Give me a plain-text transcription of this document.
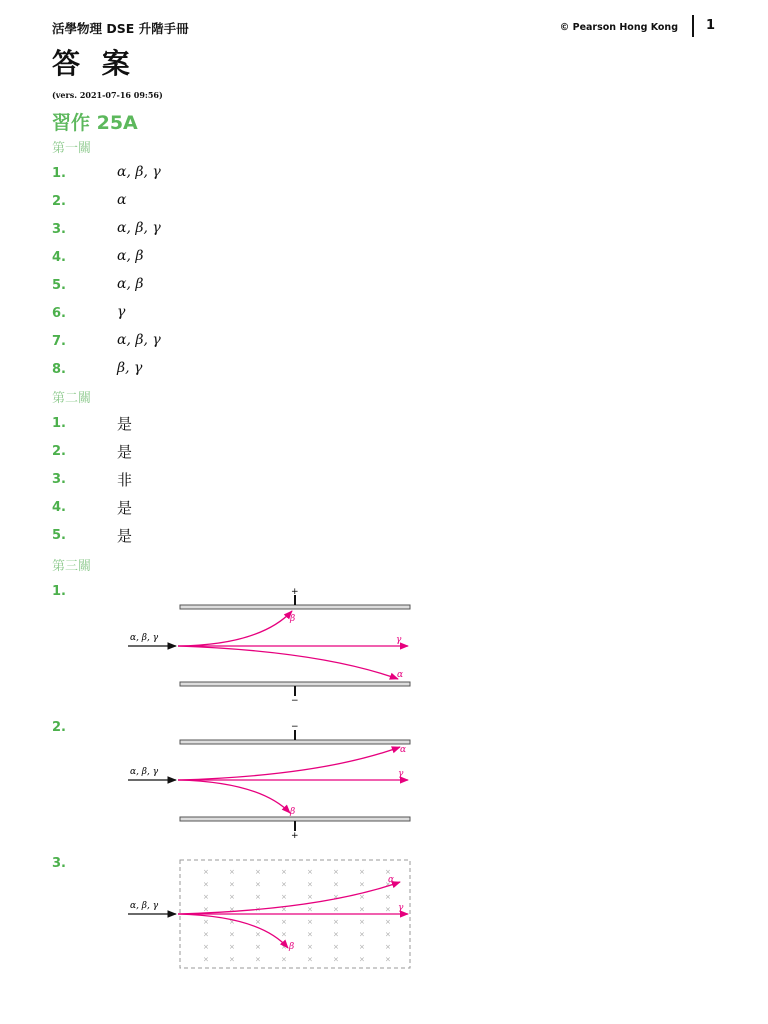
活學物理 DSE 升階手冊	© Pearson Hong Kong 1
答 案
(vers. 2021-07-16 09:56)
習作 25A
第一關
1.	α, β, γ
2.	α
3.	α, β, γ
4.	α, β
5.	α, β
6.	γ
7.	α, β, γ
8.	β, γ
第二關
1.	是
2.	是
3.	非
4.	是
5.	是
第三關
1.	+
−
α, β, γ
β
γ
α
2.	−
+
α, β, γ
α
γ
β
3.
×	×	×	×	×	×	×	×
×	×	×	×	×	×	×	×
×	×	×	×	×	×	×	×
×	×	×	×	×	×	×	×
×	×	×	×	×	×	×	×
×	×	×	×	×	×	×	×
×	×	×	×	×	×	×	×
×	×	×	×	×	×	×	×
α, β, γ
α
γ
β
